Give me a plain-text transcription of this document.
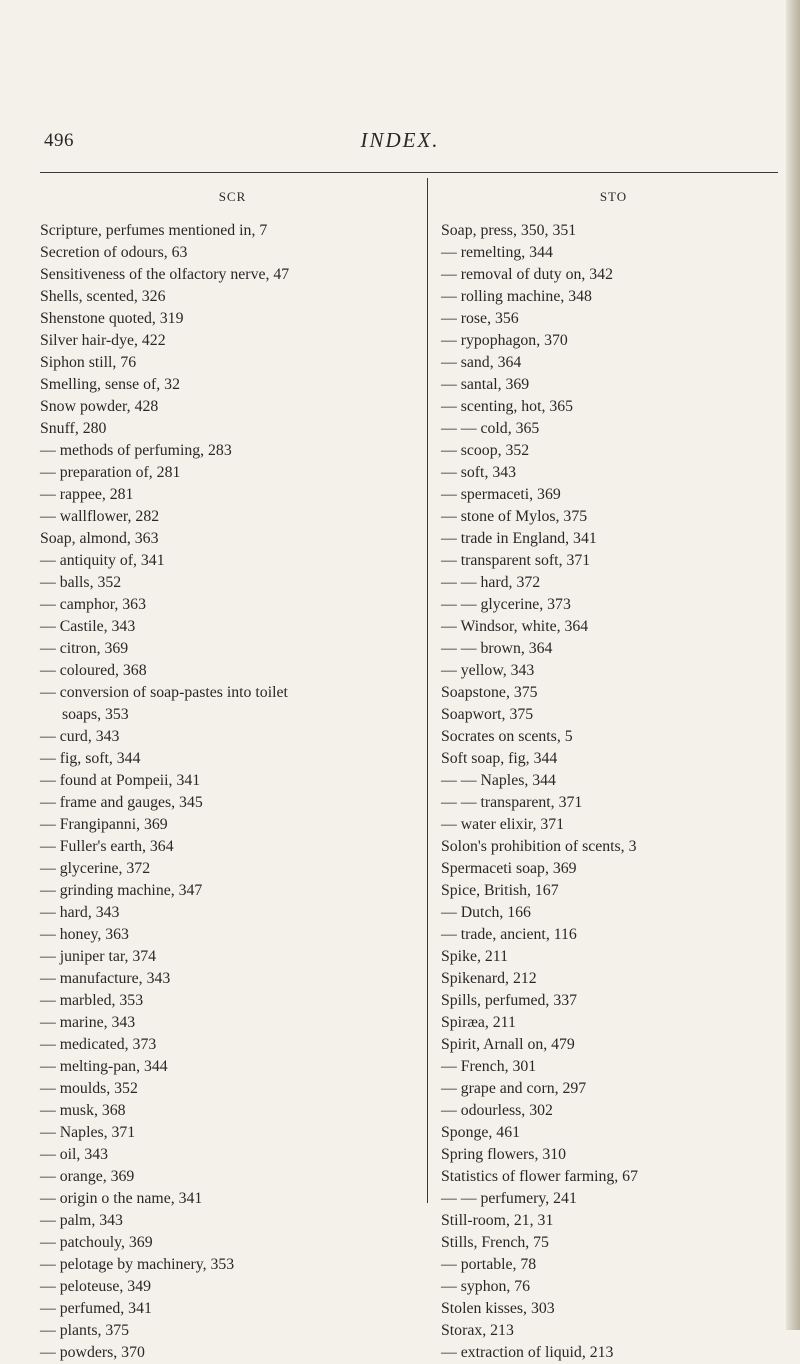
496	INDEX.
SCR
Scripture, perfumes mentioned in, 7
Secretion of odours, 63
Sensitiveness of the olfactory nerve, 47
Shells, scented, 326
Shenstone quoted, 319
Silver hair-dye, 422
Siphon still, 76
Smelling, sense of, 32
Snow powder, 428
Snuff, 280
— methods of perfuming, 283
— preparation of, 281
— rappee, 281
— wallflower, 282
Soap, almond, 363
— antiquity of, 341
— balls, 352
— camphor, 363
— Castile, 343
— citron, 369
— coloured, 368
— conversion of soap-pastes into toilet
soaps, 353
— curd, 343
— fig, soft, 344
— found at Pompeii, 341
— frame and gauges, 345
— Frangipanni, 369
— Fuller's earth, 364
— glycerine, 372
— grinding machine, 347
— hard, 343
— honey, 363
— juniper tar, 374
— manufacture, 343
— marbled, 353
— marine, 343
— medicated, 373
— melting-pan, 344
— moulds, 352
— musk, 368
— Naples, 371
— oil, 343
— orange, 369
— origin o the name, 341
— palm, 343
— patchouly, 369
— pelotage by machinery, 353
— peloteuse, 349
— perfumed, 341
— plants, 375
— powders, 370
STO
Soap, press, 350, 351
— remelting, 344
— removal of duty on, 342
— rolling machine, 348
— rose, 356
— rypophagon, 370
— sand, 364
— santal, 369
— scenting, hot, 365
— — cold, 365
— scoop, 352
— soft, 343
— spermaceti, 369
— stone of Mylos, 375
— trade in England, 341
— transparent soft, 371
— — hard, 372
— — glycerine, 373
— Windsor, white, 364
— — brown, 364
— yellow, 343
Soapstone, 375
Soapwort, 375
Socrates on scents, 5
Soft soap, fig, 344
— — Naples, 344
— — transparent, 371
— water elixir, 371
Solon's prohibition of scents, 3
Spermaceti soap, 369
Spice, British, 167
— Dutch, 166
— trade, ancient, 116
Spike, 211
Spikenard, 212
Spills, perfumed, 337
Spiræa, 211
Spirit, Arnall on, 479
— French, 301
— grape and corn, 297
— odourless, 302
Sponge, 461
Spring flowers, 310
Statistics of flower farming, 67
— — perfumery, 241
Still-room, 21, 31
Stills, French, 75
— portable, 78
— syphon, 76
Stolen kisses, 303
Storax, 213
— extraction of liquid, 213
